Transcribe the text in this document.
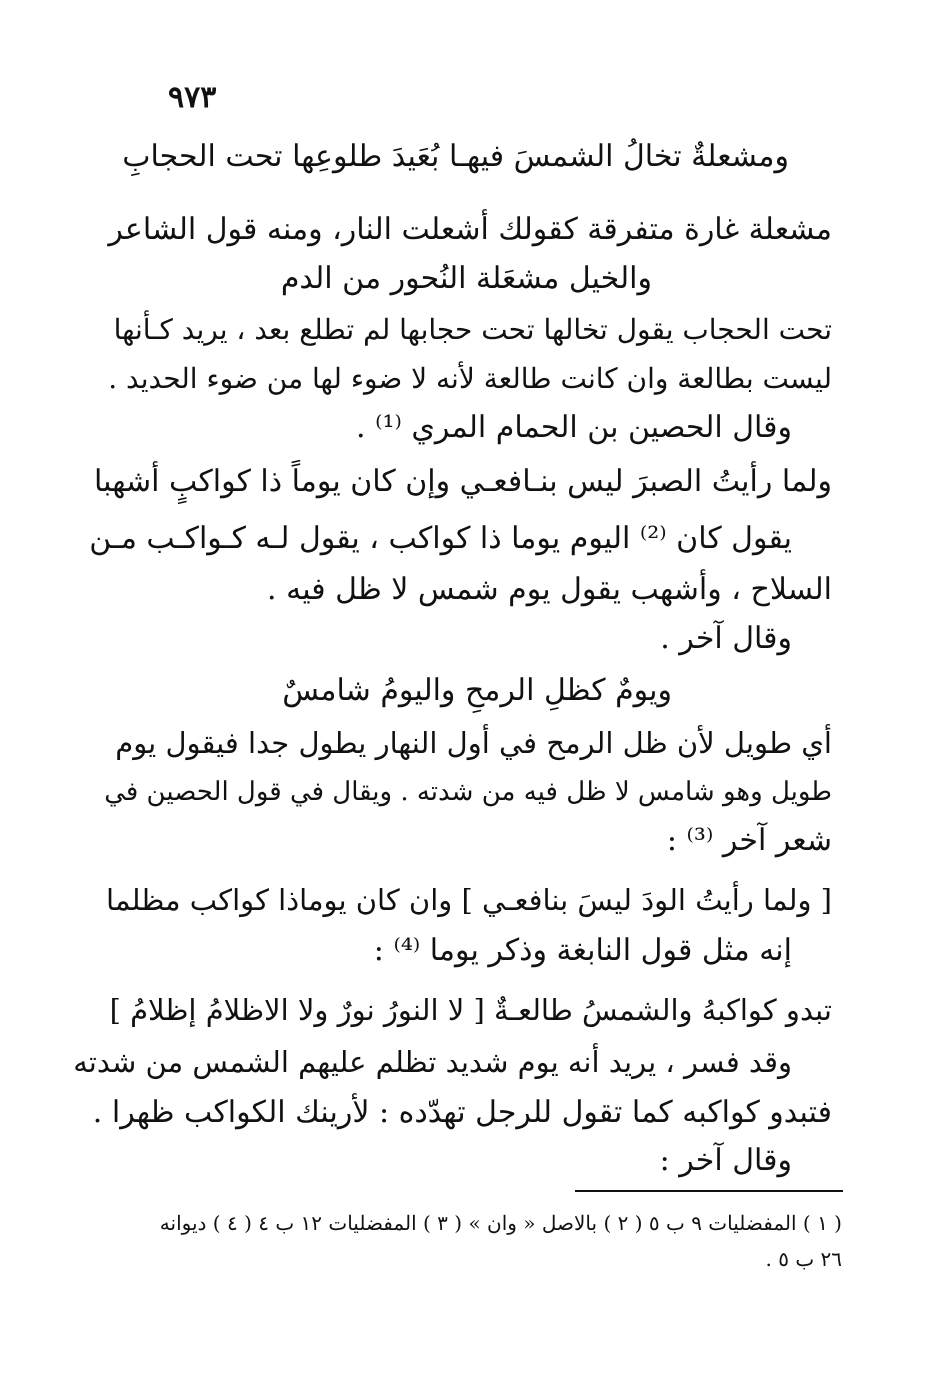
٩٧٣
ومشعلةٌ تخالُ الشمسَ فيهـا بُعَيدَ طلوعِها تحت الحجابِ
مشعلة غارة متفرقة كقولك أشعلت النار، ومنه قول الشاعر
والخيل مشعَلة النُحور من الدم
تحت الحجاب يقول تخالها تحت حجابها لم تطلع بعد ، يريد كـأنها
ليست بطالعة وان كانت طالعة لأنه لا ضوء لها من ضوء الحديد .
وقال الحصين بن الحمام المري ⁽¹⁾ .
ولما رأيتُ الصبرَ ليس بنـافعـي وإن كان يوماً ذا كواكبٍ أشهبا
يقول كان ⁽²⁾ اليوم يوما ذا كواكب ، يقول لـه كـواكـب مـن
السلاح ، وأشهب يقول يوم شمس لا ظل فيه .
وقال آخر .
ويومٌ كظلِ الرمحِ واليومُ شامسٌ
أي طويل لأن ظل الرمح في أول النهار يطول جدا فيقول يوم
طويل وهو شامس لا ظل فيه من شدته . ويقال في قول الحصين في
شعر آخر ⁽³⁾ :
[ ولما رأيتُ الودَ ليسَ بنافعـي ] وان كان يوماذا كواكب مظلما
إنه مثل قول النابغة وذكر يوما ⁽⁴⁾ :
تبدو كواكبهُ والشمسُ طالعـةٌ [ لا النورُ نورٌ ولا الاظلامُ إظلامُ ]
وقد فسر ، يريد أنه يوم شديد تظلم عليهم الشمس من شدته
فتبدو كواكبه كما تقول للرجل تهدّده : لأرينك الكواكب ظهرا .
وقال آخر :
( ١ ) المفضليات ٩ ب ٥ ( ٢ ) بالاصل « وان » ( ٣ ) المفضليات ١٢ ب ٤ ( ٤ ) ديوانه
٢٦ ب ٥ .
